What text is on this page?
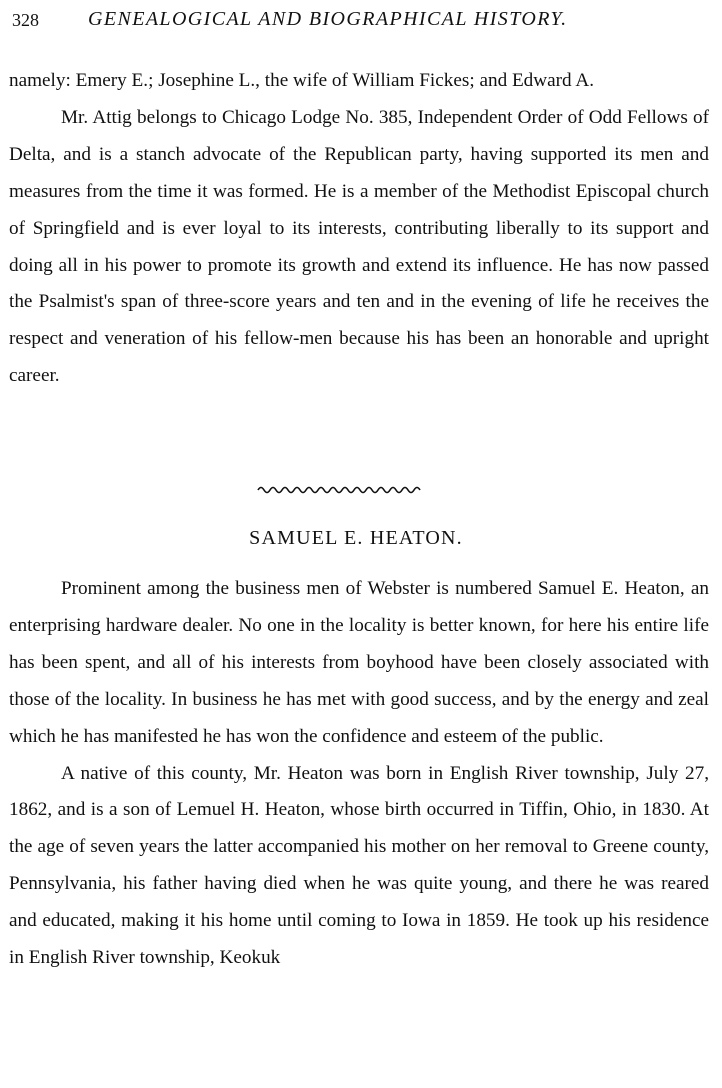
328 GENEALOGICAL AND BIOGRAPHICAL HISTORY.

namely: Emery E.; Josephine L., the wife of William Fickes; and Edward A.

Mr. Attig belongs to Chicago Lodge No. 385, Independent Order of Odd Fellows of Delta, and is a stanch advocate of the Republican party, having supported its men and measures from the time it was formed. He is a member of the Methodist Episcopal church of Springfield and is ever loyal to its interests, contributing liberally to its support and doing all in his power to promote its growth and extend its influence. He has now passed the Psalmist's span of three-score years and ten and in the evening of life he receives the respect and veneration of his fellow-men because his has been an honorable and upright career.

SAMUEL E. HEATON.

Prominent among the business men of Webster is numbered Samuel E. Heaton, an enterprising hardware dealer. No one in the locality is better known, for here his entire life has been spent, and all of his interests from boyhood have been closely associated with those of the locality. In business he has met with good success, and by the energy and zeal which he has manifested he has won the confidence and esteem of the public.

A native of this county, Mr. Heaton was born in English River township, July 27, 1862, and is a son of Lemuel H. Heaton, whose birth occurred in Tiffin, Ohio, in 1830. At the age of seven years the latter accompanied his mother on her removal to Greene county, Pennsylvania, his father having died when he was quite young, and there he was reared and educated, making it his home until coming to Iowa in 1859. He took up his residence in English River township, Keokuk
